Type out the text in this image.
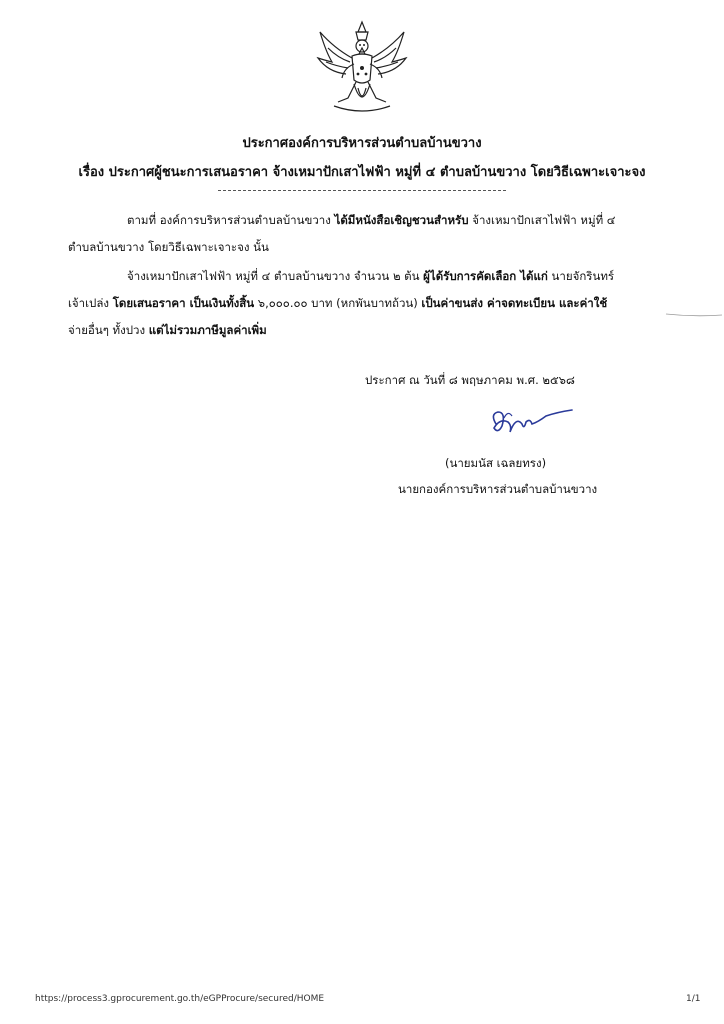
ประกาศองค์การบริหารส่วนตำบลบ้านขวาง
เรื่อง ประกาศผู้ชนะการเสนอราคา จ้างเหมาปักเสาไฟฟ้า หมู่ที่ ๔ ตำบลบ้านขวาง โดยวิธีเฉพาะเจาะจง
ตามที่ องค์การบริหารส่วนตำบลบ้านขวาง ได้มีหนังสือเชิญชวนสำหรับ จ้างเหมาปักเสาไฟฟ้า หมู่ที่ ๔
ตำบลบ้านขวาง โดยวิธีเฉพาะเจาะจง นั้น
จ้างเหมาปักเสาไฟฟ้า หมู่ที่ ๔ ตำบลบ้านขวาง จำนวน ๒ ต้น ผู้ได้รับการคัดเลือก ได้แก่ นายจักรินทร์
เจ้าเปล่ง โดยเสนอราคา เป็นเงินทั้งสิ้น ๖,๐๐๐.๐๐ บาท (หกพันบาทถ้วน) เป็นค่าขนส่ง ค่าจดทะเบียน และค่าใช้
จ่ายอื่นๆ ทั้งปวง แต่ไม่รวมภาษีมูลค่าเพิ่ม
ประกาศ ณ วันที่ ๘ พฤษภาคม พ.ศ. ๒๕๖๘
(นายมนัส เฉลยทรง)
นายกองค์การบริหารส่วนตำบลบ้านขวาง
https://process3.gprocurement.go.th/eGPProcure/secured/HOME	1/1
